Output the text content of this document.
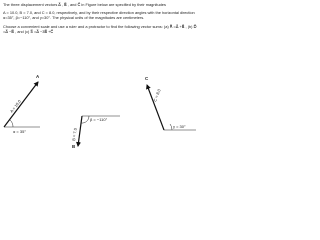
The three displacement vectors A⃗ , B⃗ , and C⃗ in Figure below are specified by their magnitudes

A = 10.0, B = 7.0, and C = 8.0, respectively, and by their respective direction angles with the horizontal direction α=35°, β=−110°, and γ=30°. The physical units of the magnitudes are centimeters.

Choose a convenient scale and use a ruler and a protractor to find the following vector sums: (a) R⃗ =A⃗ +B⃗ , (b) D⃗ =A⃗ −B⃗ , and (c) S⃗ =A⃗ −3B⃗ +C⃗

A
A = 10.0
α = 35°
B
B = 7.0
β = −110°
C
C = 8.0
γ = 30°
